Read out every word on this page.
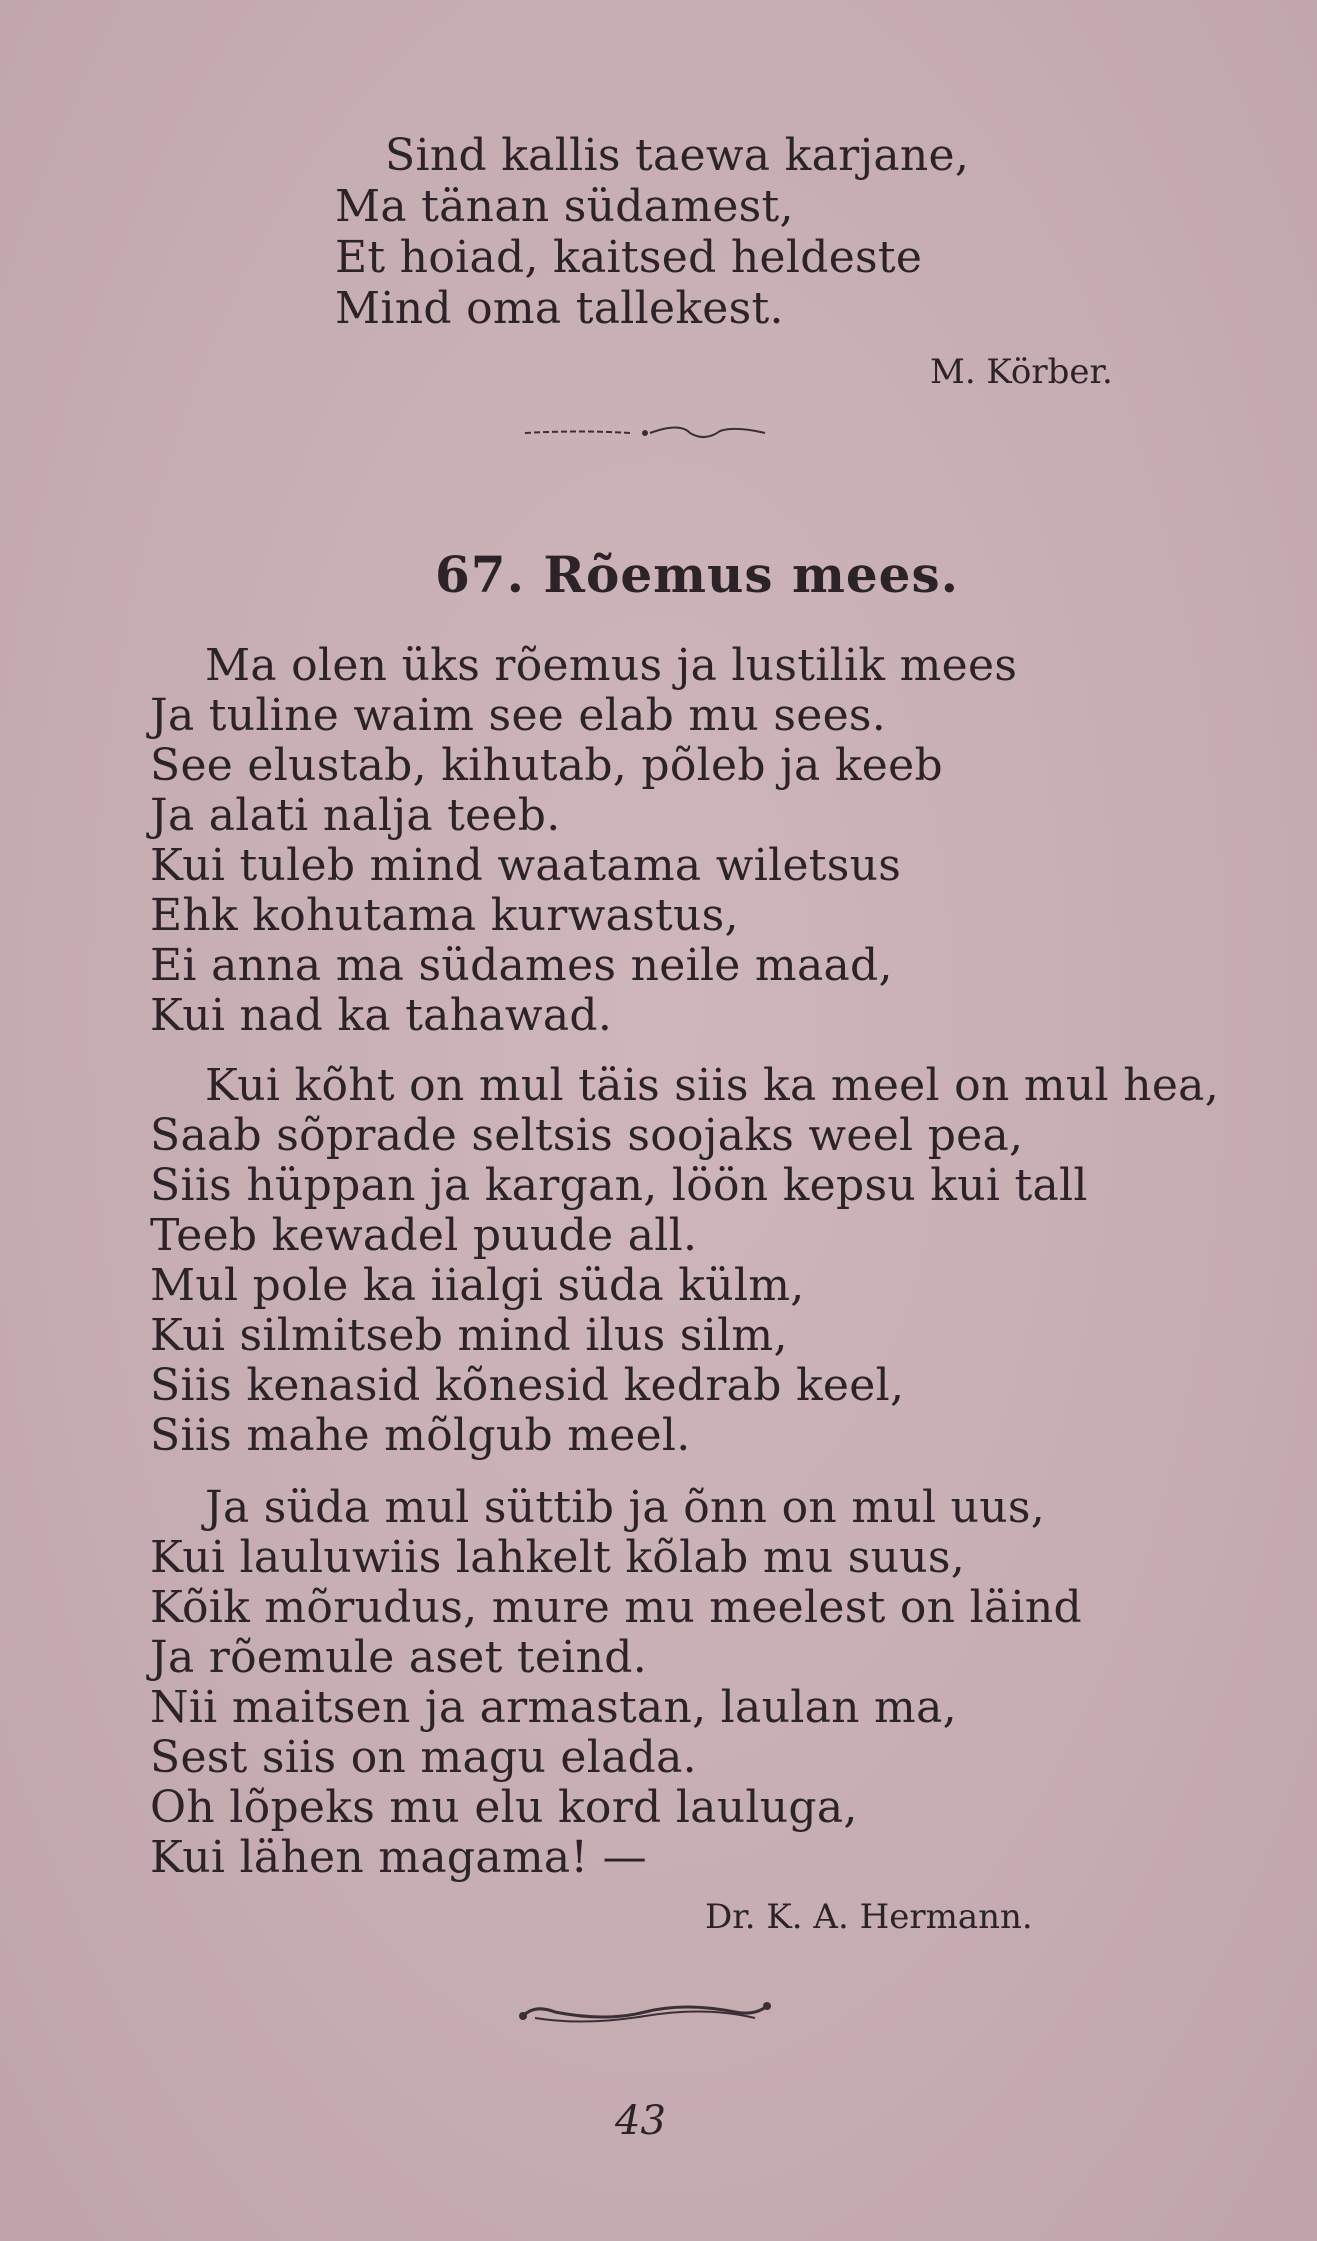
Sind kallis taewa karjane,
Ma tänan südamest,
Et hoiad, kaitsed heldeste
Mind oma tallekest.
M. Körber.
67. Rõemus mees.
Ma olen üks rõemus ja lustilik mees
Ja tuline waim see elab mu sees.
See elustab, kihutab, põleb ja keeb
Ja alati nalja teeb.
Kui tuleb mind waatama wiletsus
Ehk kohutama kurwastus,
Ei anna ma südames neile maad,
Kui nad ka tahawad.
Kui kõht on mul täis siis ka meel on mul hea,
Saab sõprade seltsis soojaks weel pea,
Siis hüppan ja kargan, löön kepsu kui tall
Teeb kewadel puude all.
Mul pole ka iialgi süda külm,
Kui silmitseb mind ilus silm,
Siis kenasid kõnesid kedrab keel,
Siis mahe mõlgub meel.
Ja süda mul süttib ja õnn on mul uus,
Kui lauluwiis lahkelt kõlab mu suus,
Kõik mõrudus, mure mu meelest on läind
Ja rõemule aset teind.
Nii maitsen ja armastan, laulan ma,
Sest siis on magu elada.
Oh lõpeks mu elu kord lauluga,
Kui lähen magama! —
Dr. K. A. Hermann.
43
